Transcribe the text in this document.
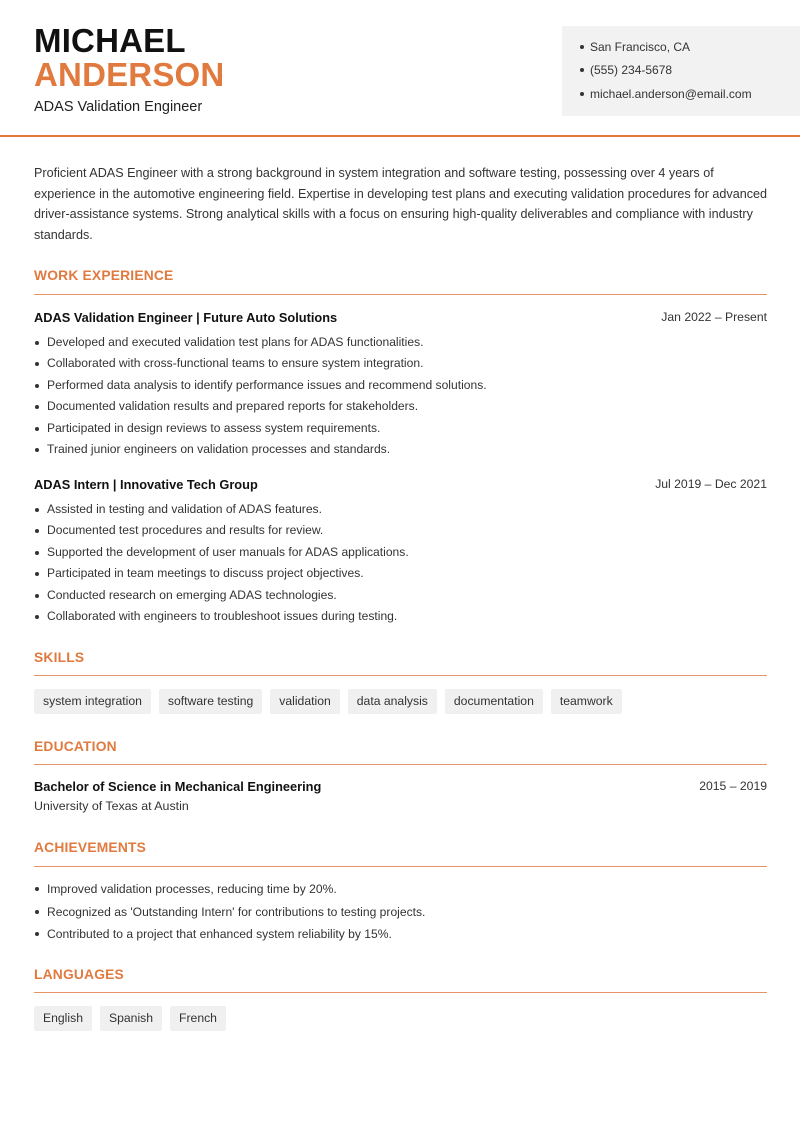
MICHAEL
ANDERSON
ADAS Validation Engineer
San Francisco, CA
(555) 234-5678
michael.anderson@email.com
Proficient ADAS Engineer with a strong background in system integration and software testing, possessing over 4 years of experience in the automotive engineering field. Expertise in developing test plans and executing validation procedures for advanced driver-assistance systems. Strong analytical skills with a focus on ensuring high-quality deliverables and compliance with industry standards.
WORK EXPERIENCE
ADAS Validation Engineer | Future Auto Solutions	Jan 2022 – Present
Developed and executed validation test plans for ADAS functionalities.
Collaborated with cross-functional teams to ensure system integration.
Performed data analysis to identify performance issues and recommend solutions.
Documented validation results and prepared reports for stakeholders.
Participated in design reviews to assess system requirements.
Trained junior engineers on validation processes and standards.
ADAS Intern | Innovative Tech Group	Jul 2019 – Dec 2021
Assisted in testing and validation of ADAS features.
Documented test procedures and results for review.
Supported the development of user manuals for ADAS applications.
Participated in team meetings to discuss project objectives.
Conducted research on emerging ADAS technologies.
Collaborated with engineers to troubleshoot issues during testing.
SKILLS
system integration	software testing	validation	data analysis	documentation	teamwork
EDUCATION
Bachelor of Science in Mechanical Engineering	2015 – 2019
University of Texas at Austin
ACHIEVEMENTS
Improved validation processes, reducing time by 20%.
Recognized as 'Outstanding Intern' for contributions to testing projects.
Contributed to a project that enhanced system reliability by 15%.
LANGUAGES
English	Spanish	French
